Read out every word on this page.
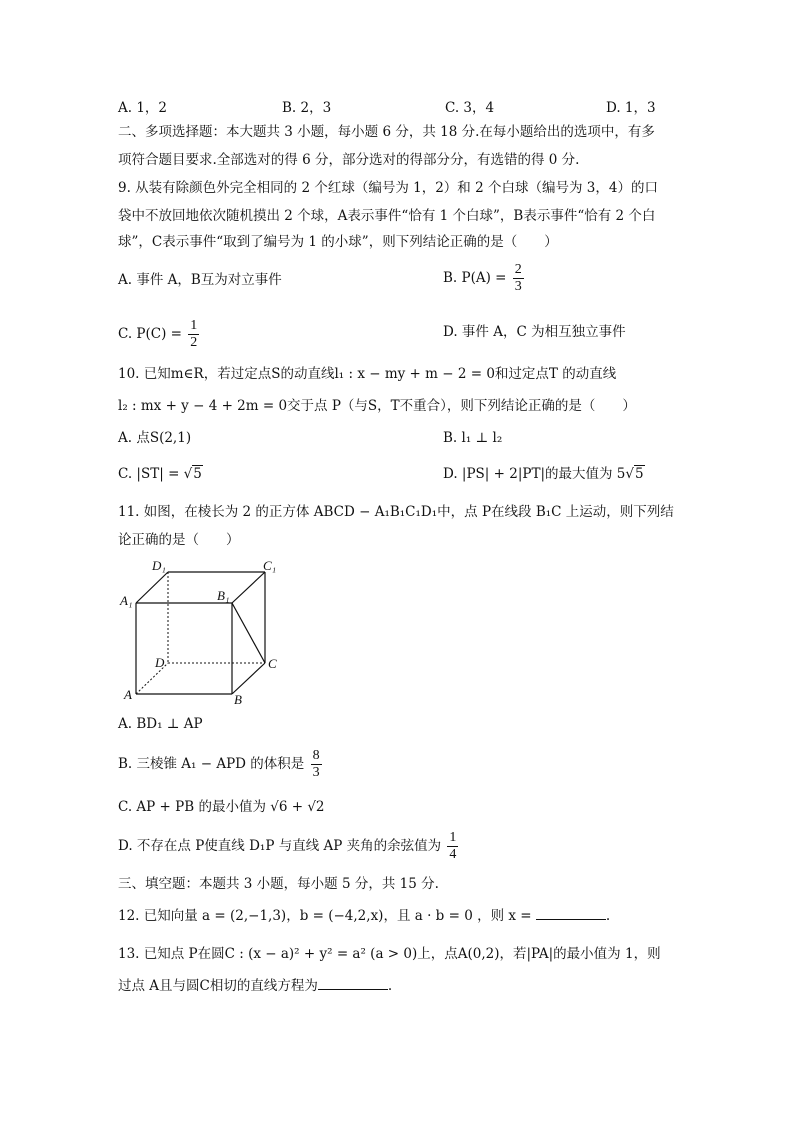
A. 1，2	B. 2，3	C. 3，4	D. 1，3
二、多项选择题：本大题共 3 小题，每小题 6 分，共 18 分.在每小题给出的选项中，有多
项符合题目要求.全部选对的得 6 分，部分选对的得部分分，有选错的得 0 分.
9. 从装有除颜色外完全相同的 2 个红球（编号为 1，2）和 2 个白球（编号为 3，4）的口
袋中不放回地依次随机摸出 2 个球，A表示事件“恰有 1 个白球”，B表示事件“恰有 2 个白
球”，C表示事件“取到了编号为 1 的小球”，则下列结论正确的是（　　）
A. 事件 A，B互为对立事件	B. $P(A) = \frac{2}{3}$
C. $P(C) = \frac{1}{2}$	D. 事件 A，C 为相互独立事件
10. 已知m∈R，若过定点S的动直线l₁ : x − my + m − 2 = 0和过定点T 的动直线
l₂ : mx + y − 4 + 2m = 0交于点 P（与S，T不重合），则下列结论正确的是（　　）
A. 点S(2,1)	B. l₁ ⊥ l₂
C. |ST| = √5	D. |PS| + 2|PT|的最大值为 5√5
11. 如图，在棱长为 2 的正方体 ABCD − A₁B₁C₁D₁中，点 P在线段 B₁C 上运动，则下列结
论正确的是（　　）
D₁	C₁
A₁	B₁
D	C
A	B
A. BD₁ ⊥ AP
B. 三棱锥 A₁ − APD 的体积是 $\frac{8}{3}$
C. AP + PB 的最小值为 √6 + √2
D. 不存在点 P使直线 D₁P 与直线 AP 夹角的余弦值为 $\frac{1}{4}$
三、填空题：本题共 3 小题，每小题 5 分，共 15 分.
12. 已知向量 a = (2,−1,3)，b = (−4,2,x)，且 a · b = 0 ，则 x =	.
13. 已知点 P在圆C : (x − a)² + y² = a² (a > 0)上，点A(0,2)，若|PA|的最小值为 1，则
过点 A且与圆C相切的直线方程为	.
